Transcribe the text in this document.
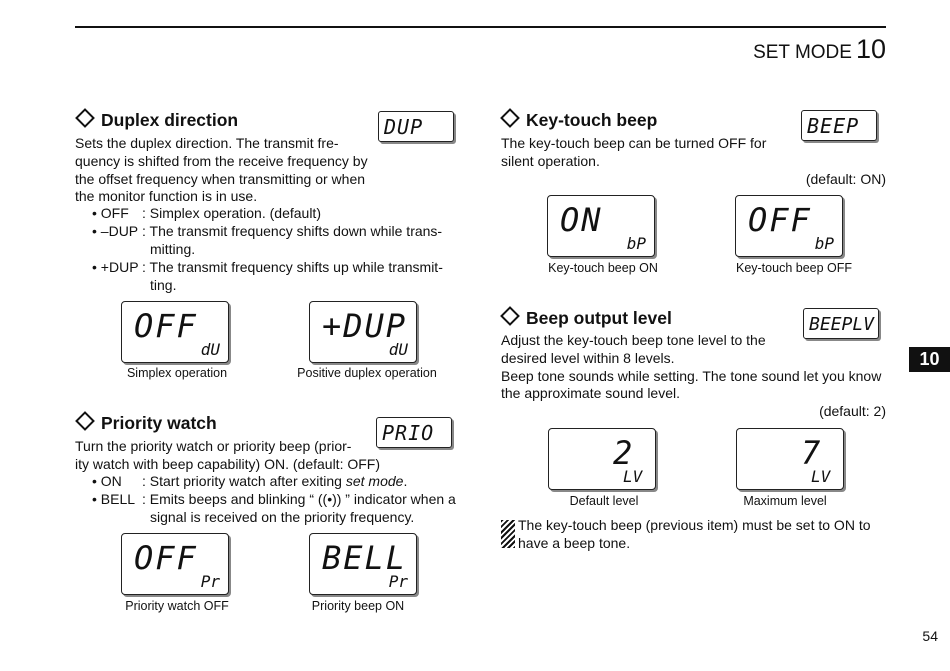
SET MODE 10
Duplex direction	DUP

Sets the duplex direction. The transmit fre-

quency is shifted from the receive frequency by

the offset frequency when transmitting or when

the monitor function is in use.

• OFF : Simplex operation. (default)
• –DUP : The transmit frequency shifts down while trans-
mitting.
• +DUP : The transmit frequency shifts up while transmit-
ting.
OFF
dU
Simplex operation
+DUP
dU
Positive duplex operation
Priority watch	PRIO

Turn the priority watch or priority beep (prior-

ity watch with beep capability) ON. (default: OFF)

• ON : Start priority watch after exiting set mode.
• BELL : Emits beeps and blinking “ ((•)) ” indicator when a
signal is received on the priority frequency.
OFF
Pr
Priority watch OFF
BELL
Pr
Priority beep ON
Key-touch beep	BEEP

The key-touch beep can be turned OFF for

silent operation.

(default: ON)
ON
bP
Key-touch beep ON
OFF
bP
Key-touch beep OFF
Beep output level	BEEPLV

Adjust the key-touch beep tone level to the

desired level within 8 levels.

Beep tone sounds while setting. The tone sound let you know

the approximate sound level.

(default: 2)
2
LV
Default level
7
LV
Maximum level

The key-touch beep (previous item) must be set to ON to

have a beep tone.

10
54
